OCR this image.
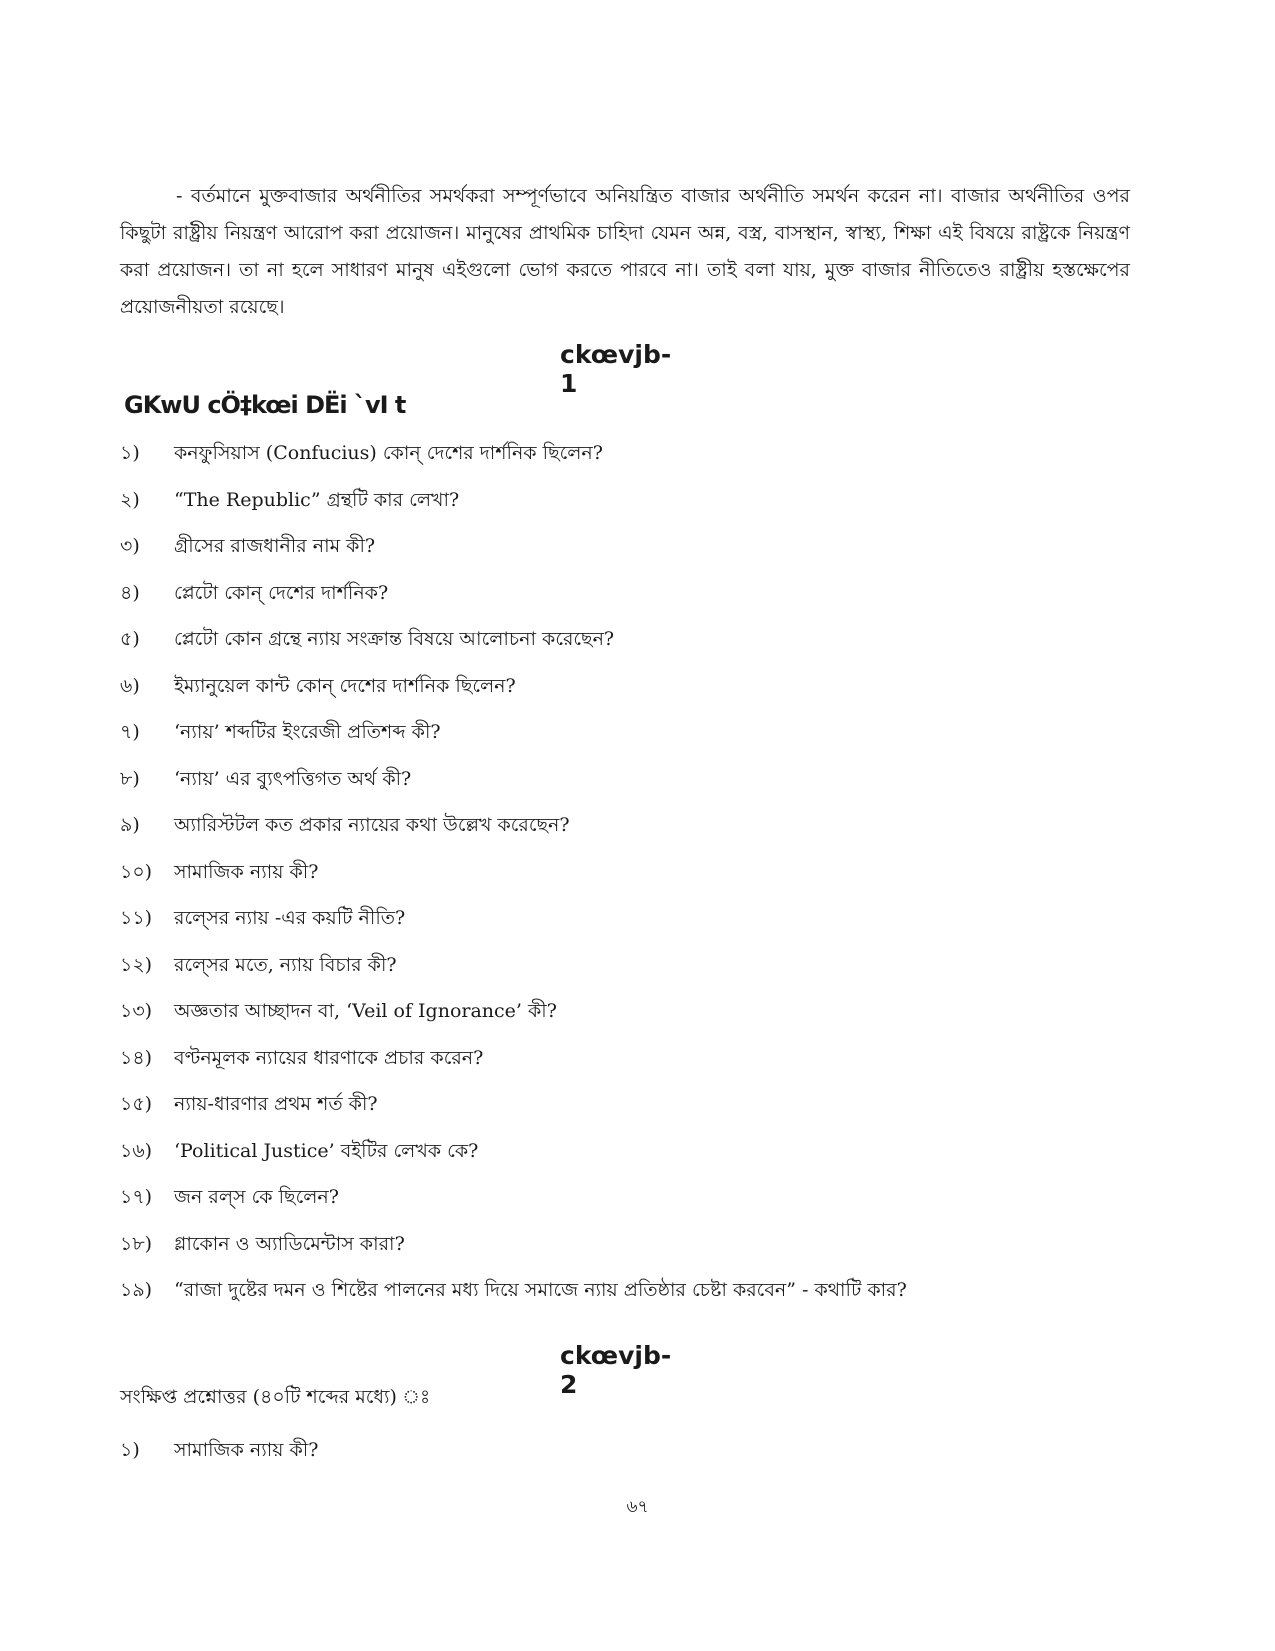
- বর্তমানে মুক্তবাজার অর্থনীতির সমর্থকরা সম্পূর্ণভাবে অনিয়ন্ত্রিত বাজার অর্থনীতি সমর্থন করেন না। বাজার অর্থনীতির ওপর কিছুটা রাষ্ট্রীয় নিয়ন্ত্রণ আরোপ করা প্রয়োজন। মানুষের প্রাথমিক চাহিদা যেমন অন্ন, বস্ত্র, বাসস্থান, স্বাস্থ্য, শিক্ষা এই বিষয়ে রাষ্ট্রকে নিয়ন্ত্রণ করা প্রয়োজন। তা না হলে সাধারণ মানুষ এইগুলো ভোগ করতে পারবে না। তাই বলা যায়, মুক্ত বাজার নীতিতেও রাষ্ট্রীয় হস্তক্ষেপের প্রয়োজনীয়তা রয়েছে।

ckœvjb- 1
GKwU cÖ‡kœi DËi `vI t
১)	কনফুসিয়াস (Confucius) কোন্ দেশের দার্শনিক ছিলেন?
২)	“The Republic” গ্রন্থটি কার লেখা?
৩)	গ্রীসের রাজধানীর নাম কী?
৪)	প্লেটো কোন্ দেশের দার্শনিক?
৫)	প্লেটো কোন গ্রন্থে ন্যায় সংক্রান্ত বিষয়ে আলোচনা করেছেন?
৬)	ইম্যানুয়েল কান্ট কোন্ দেশের দার্শনিক ছিলেন?
৭)	‘ন্যায়’ শব্দটির ইংরেজী প্রতিশব্দ কী?
৮)	‘ন্যায়’ এর ব্যুৎপত্তিগত অর্থ কী?
৯)	অ্যারিস্টটল কত প্রকার ন্যায়ের কথা উল্লেখ করেছেন?
১০)	সামাজিক ন্যায় কী?
১১)	রল্সের ন্যায় -এর কয়টি নীতি?
১২)	রল্সের মতে, ন্যায় বিচার কী?
১৩)	অজ্ঞতার আচ্ছাদন বা, ‘Veil of Ignorance’ কী?
১৪)	বণ্টনমূলক ন্যায়ের ধারণাকে প্রচার করেন?
১৫)	ন্যায়-ধারণার প্রথম শর্ত কী?
১৬)	‘Political Justice’ বইটির লেখক কে?
১৭)	জন রল্স কে ছিলেন?
১৮)	গ্লাকোন ও অ্যাডিমেন্টাস কারা?
১৯)	“রাজা দুষ্টের দমন ও শিষ্টের পালনের মধ্য দিয়ে সমাজে ন্যায় প্রতিষ্ঠার চেষ্টা করবেন” - কথাটি কার?
ckœvjb- 2

সংক্ষিপ্ত প্রশ্নোত্তর (৪০টি শব্দের মধ্যে) ঃ

১)	সামাজিক ন্যায় কী?

৬৭
